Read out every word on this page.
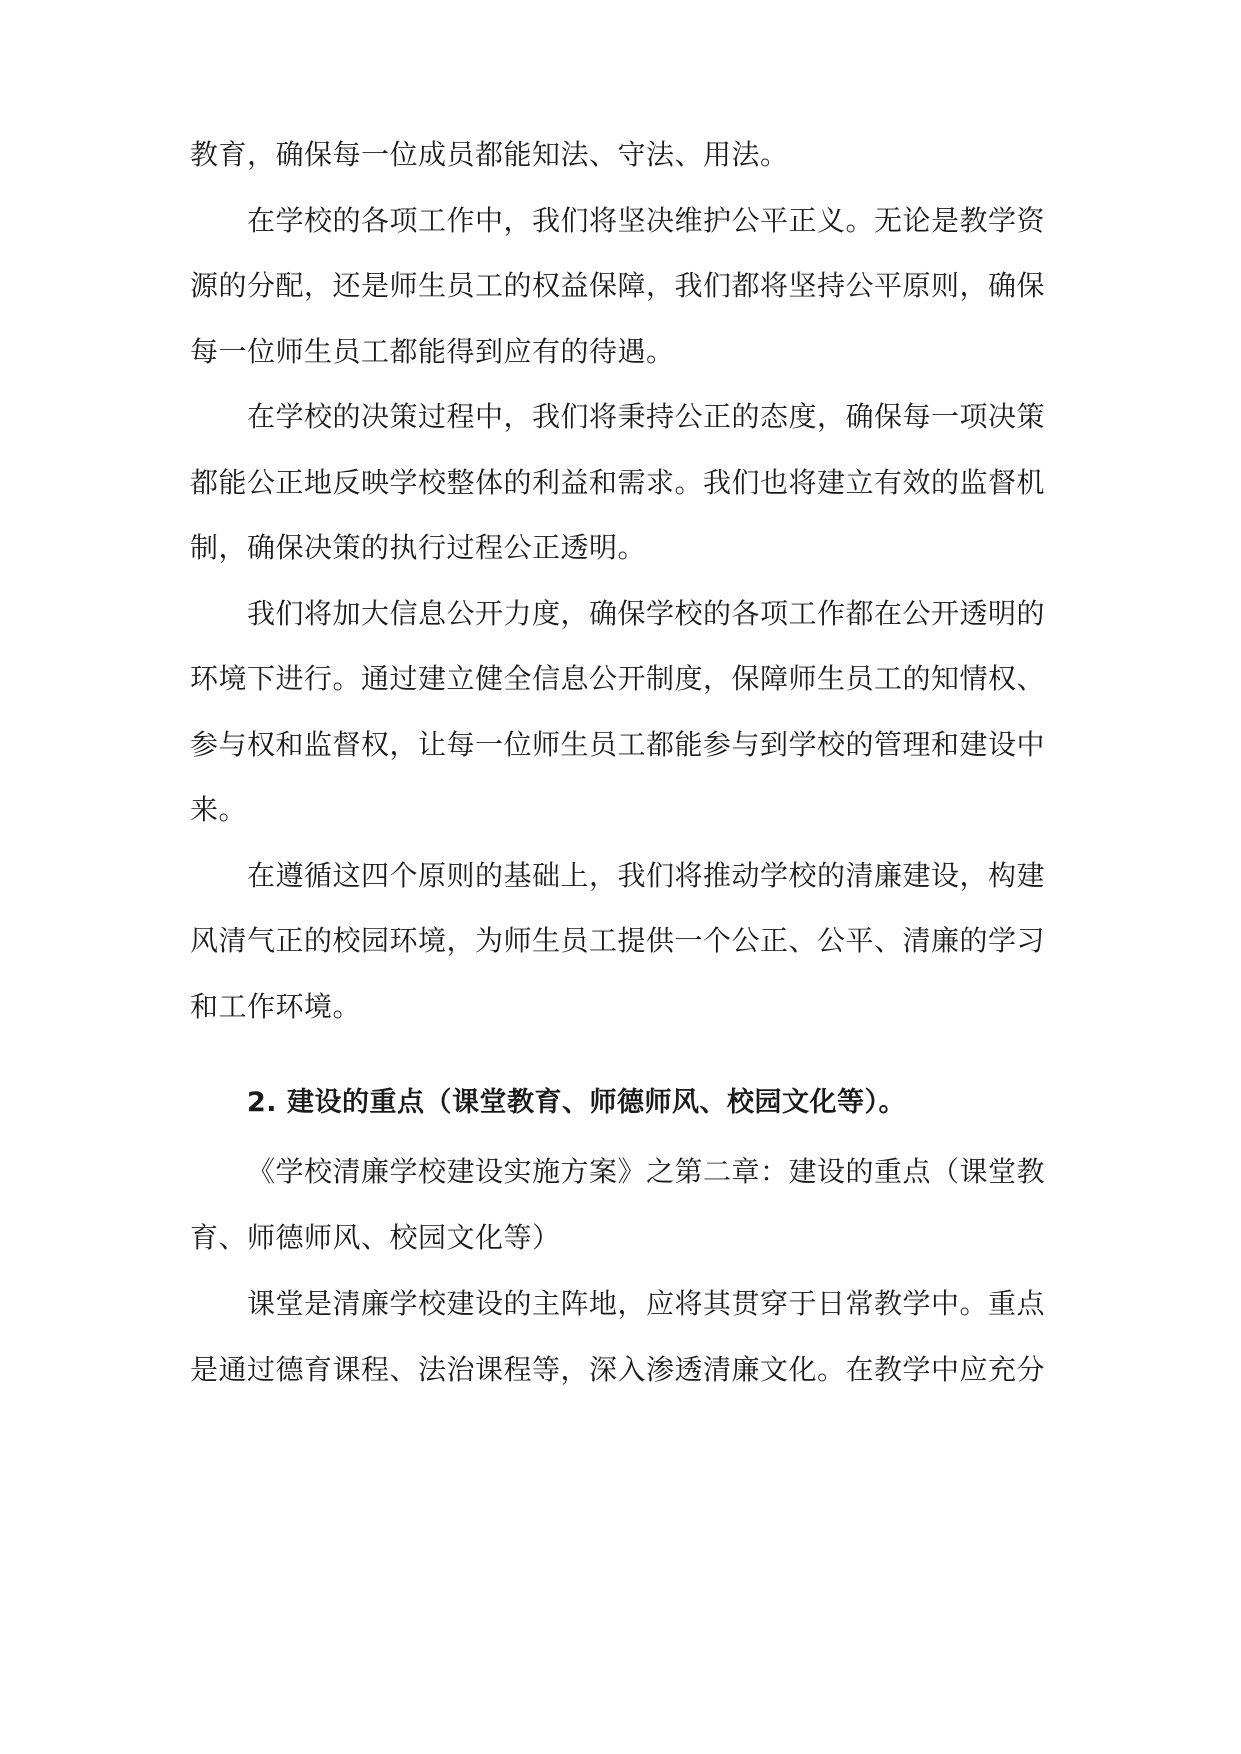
教育，确保每一位成员都能知法、守法、用法。
在学校的各项工作中，我们将坚决维护公平正义。无论是教学资
源的分配，还是师生员工的权益保障，我们都将坚持公平原则，确保
每一位师生员工都能得到应有的待遇。
在学校的决策过程中，我们将秉持公正的态度，确保每一项决策
都能公正地反映学校整体的利益和需求。我们也将建立有效的监督机
制，确保决策的执行过程公正透明。
我们将加大信息公开力度，确保学校的各项工作都在公开透明的
环境下进行。通过建立健全信息公开制度，保障师生员工的知情权、
参与权和监督权，让每一位师生员工都能参与到学校的管理和建设中
来。
在遵循这四个原则的基础上，我们将推动学校的清廉建设，构建
风清气正的校园环境，为师生员工提供一个公正、公平、清廉的学习
和工作环境。
2. 建设的重点（课堂教育、师德师风、校园文化等）。
《学校清廉学校建设实施方案》之第二章：建设的重点（课堂教
育、师德师风、校园文化等）
课堂是清廉学校建设的主阵地，应将其贯穿于日常教学中。重点
是通过德育课程、法治课程等，深入渗透清廉文化。在教学中应充分
